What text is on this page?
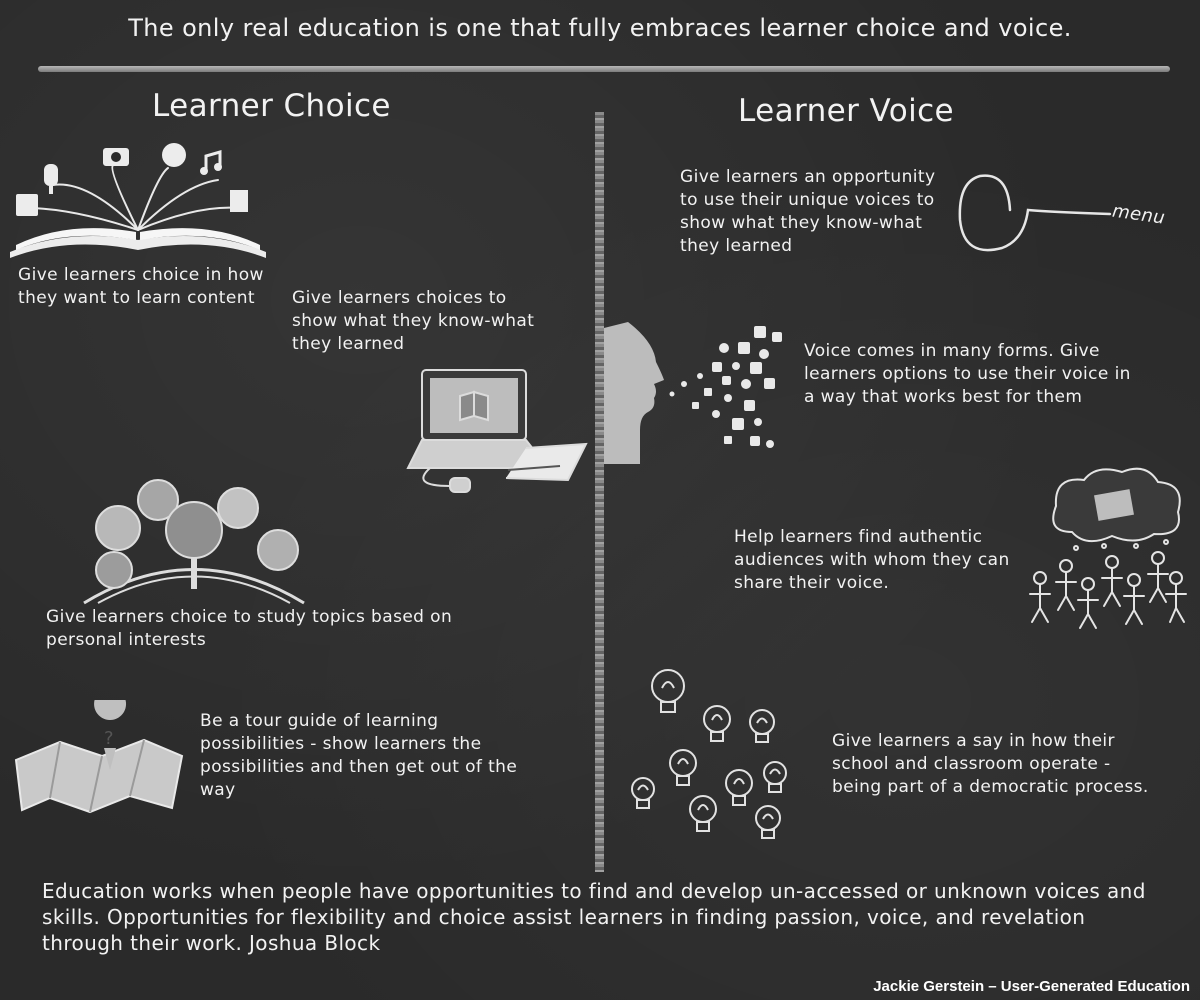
The only real education is one that fully embraces learner choice and voice.
Learner Choice	Learner Voice
Give learners choice in how they want to learn content	Give learners choices to show what they know-what they learned
Give learners choice to study topics based on personal interests
?
Be a tour guide of learning possibilities - show learners the possibilities and then get out of the way
Give learners an opportunity to use their unique voices to show what they know-what they learned
menu
Voice comes in many forms. Give learners options to use their voice in a way that works best for them
Help learners find authentic audiences with whom they can share their voice.
Give learners a say in how their school and classroom operate - being part of a democratic process.
Education works when people have opportunities to find and develop un-accessed or unknown voices and skills. Opportunities for flexibility and choice assist learners in finding passion, voice, and revelation through their work. Joshua Block
Jackie Gerstein – User-Generated Education
